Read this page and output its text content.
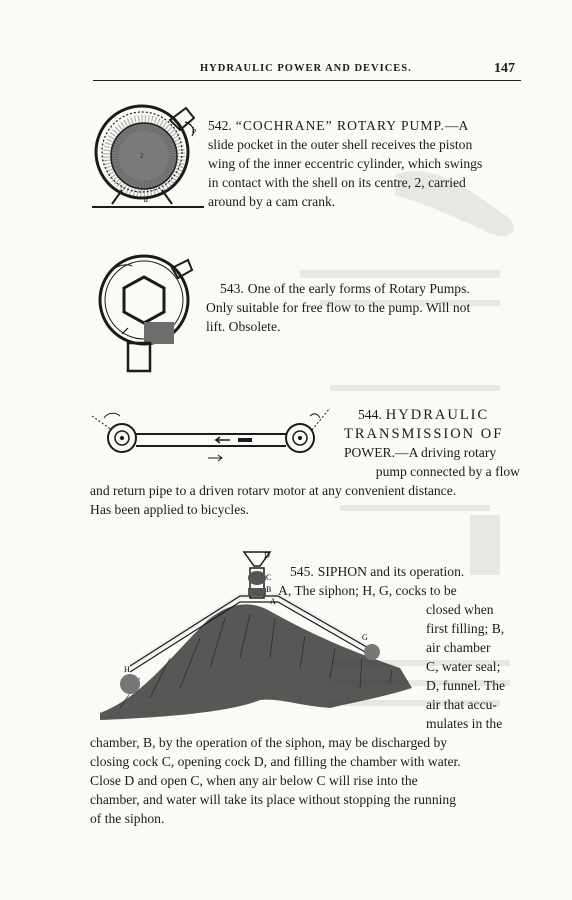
HYDRAULIC POWER AND DEVICES.	147
a
b
2
542. “COCHRANE” ROTARY PUMP.—A
slide pocket in the outer shell receives the piston
wing of the inner eccentric cylinder, which swings
in contact with the shell on its centre, 2, carried
around by a cam crank.
543. One of the early forms of Rotary Pumps.
Only suitable for free flow to the pump. Will not
lift. Obsolete.
544. HYDRAULIC
TRANSMISSION OF
POWER.—A driving rotary
pump connected by a flow
and return pipe to a driven rotarv motor at any convenient distance.
Has been applied to bicycles.
D
C
B
A
G
H
545. SIPHON and its operation.
A, The siphon; H, G, cocks to be
closed when
first filling; B,
air chamber
C, water seal;
D, funnel. The
air that accu-
mulates in the
chamber, B, by the operation of the siphon, may be discharged by
closing cock C, opening cock D, and filling the chamber with water.
Close D and open C, when any air below C will rise into the
chamber, and water will take its place without stopping the running
of the siphon.
